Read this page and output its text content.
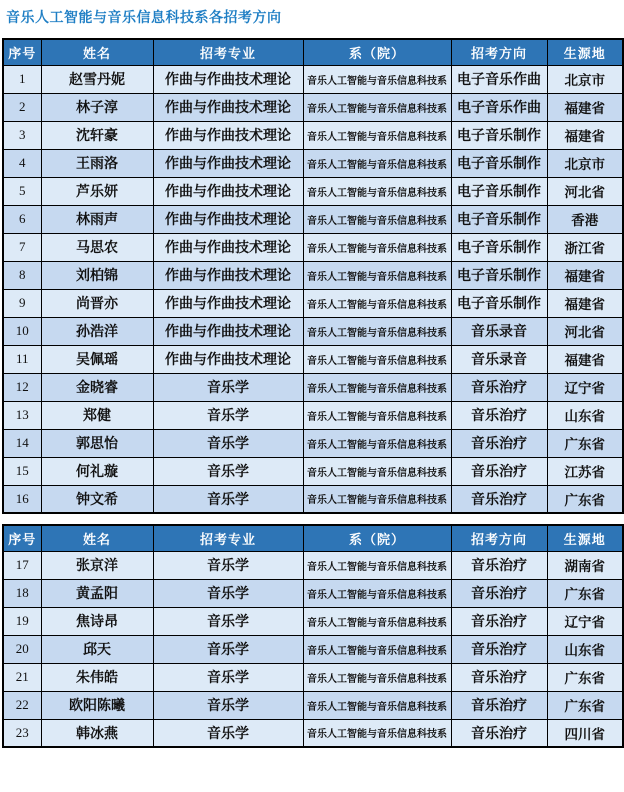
音乐人工智能与音乐信息科技系各招考方向
序号	姓名	招考专业	系（院）	招考方向	生源地
1	赵雪丹妮	作曲与作曲技术理论	音乐人工智能与音乐信息科技系	电子音乐作曲	北京市
2	林子淳	作曲与作曲技术理论	音乐人工智能与音乐信息科技系	电子音乐作曲	福建省
3	沈轩豪	作曲与作曲技术理论	音乐人工智能与音乐信息科技系	电子音乐制作	福建省
4	王雨洛	作曲与作曲技术理论	音乐人工智能与音乐信息科技系	电子音乐制作	北京市
5	芦乐妍	作曲与作曲技术理论	音乐人工智能与音乐信息科技系	电子音乐制作	河北省
6	林雨声	作曲与作曲技术理论	音乐人工智能与音乐信息科技系	电子音乐制作	香港
7	马思农	作曲与作曲技术理论	音乐人工智能与音乐信息科技系	电子音乐制作	浙江省
8	刘柏锦	作曲与作曲技术理论	音乐人工智能与音乐信息科技系	电子音乐制作	福建省
9	尚晋亦	作曲与作曲技术理论	音乐人工智能与音乐信息科技系	电子音乐制作	福建省
10	孙浩洋	作曲与作曲技术理论	音乐人工智能与音乐信息科技系	音乐录音	河北省
11	吴佩瑶	作曲与作曲技术理论	音乐人工智能与音乐信息科技系	音乐录音	福建省
12	金晓睿	音乐学	音乐人工智能与音乐信息科技系	音乐治疗	辽宁省
13	郑健	音乐学	音乐人工智能与音乐信息科技系	音乐治疗	山东省
14	郭思怡	音乐学	音乐人工智能与音乐信息科技系	音乐治疗	广东省
15	何礼璇	音乐学	音乐人工智能与音乐信息科技系	音乐治疗	江苏省
16	钟文希	音乐学	音乐人工智能与音乐信息科技系	音乐治疗	广东省
序号	姓名	招考专业	系（院）	招考方向	生源地
17	张京洋	音乐学	音乐人工智能与音乐信息科技系	音乐治疗	湖南省
18	黄孟阳	音乐学	音乐人工智能与音乐信息科技系	音乐治疗	广东省
19	焦诗昂	音乐学	音乐人工智能与音乐信息科技系	音乐治疗	辽宁省
20	邱天	音乐学	音乐人工智能与音乐信息科技系	音乐治疗	山东省
21	朱伟皓	音乐学	音乐人工智能与音乐信息科技系	音乐治疗	广东省
22	欧阳陈曦	音乐学	音乐人工智能与音乐信息科技系	音乐治疗	广东省
23	韩冰燕	音乐学	音乐人工智能与音乐信息科技系	音乐治疗	四川省
